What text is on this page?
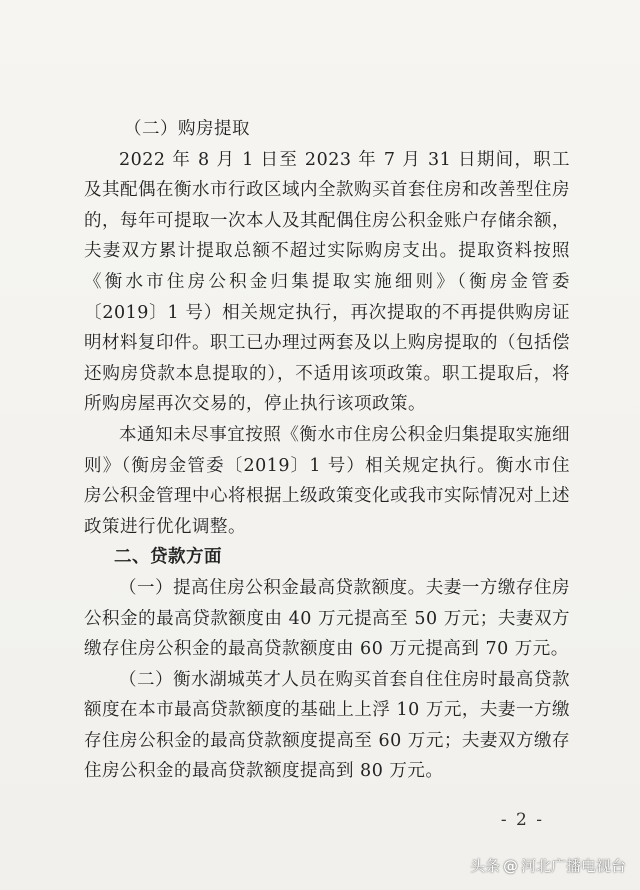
（二）购房提取

2022 年 8 月 1 日至 2023 年 7 月 31 日期间，职工及其配偶在衡水市行政区域内全款购买首套住房和改善型住房的，每年可提取一次本人及其配偶住房公积金账户存储余额，夫妻双方累计提取总额不超过实际购房支出。提取资料按照《衡水市住房公积金归集提取实施细则》（衡房金管委〔2019〕1 号）相关规定执行，再次提取的不再提供购房证明材料复印件。职工已办理过两套及以上购房提取的（包括偿还购房贷款本息提取的），不适用该项政策。职工提取后，将所购房屋再次交易的，停止执行该项政策。

本通知未尽事宜按照《衡水市住房公积金归集提取实施细则》（衡房金管委〔2019〕1 号）相关规定执行。衡水市住房公积金管理中心将根据上级政策变化或我市实际情况对上述政策进行优化调整。

二、贷款方面

（一）提高住房公积金最高贷款额度。夫妻一方缴存住房公积金的最高贷款额度由 40 万元提高至 50 万元；夫妻双方缴存住房公积金的最高贷款额度由 60 万元提高到 70 万元。

（二）衡水湖城英才人员在购买首套自住住房时最高贷款额度在本市最高贷款额度的基础上上浮 10 万元，夫妻一方缴存住房公积金的最高贷款额度提高至 60 万元；夫妻双方缴存住房公积金的最高贷款额度提高到 80 万元。

- 2 -
头条 @ 河北广播电视台
